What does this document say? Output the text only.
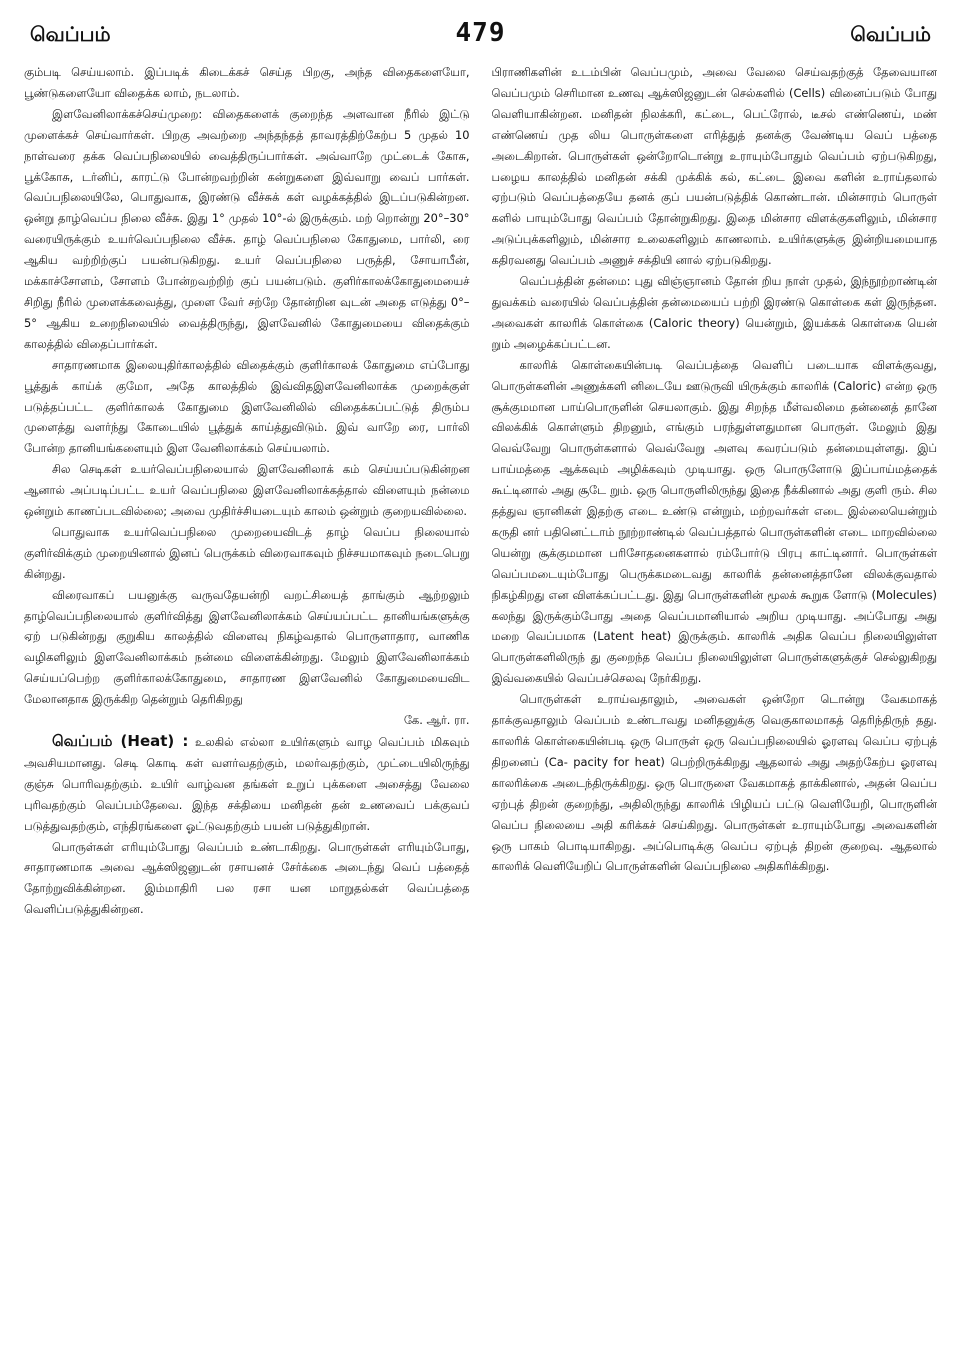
வெப்பம்	479	வெப்பம்

கும்படி செய்யலாம். இப்படிக் கிடைக்கச் செய்த பிறகு, அந்த விதைகளையோ, பூண்டுகளையோ விதைக்க லாம், நடலாம்.

இளவேனிலாக்கச்செய்முறை: விதைகளைக் குறைந்த அளவான நீரில் இட்டு முளைக்கச் செய்வார்கள். பிறகு அவற்றை அந்தந்தத் தாவரத்திற்கேற்ப 5 முதல் 10 நாள்வரை தக்க வெப்பநிலையில் வைத்திருப்பார்கள். அவ்வாறே முட்டைக் கோசு, பூக்கோசு, டர்னிப், காரட்டு போன்றவற்றின் கன்றுகளை இவ்வாறு வைப் பார்கள். வெப்பநிலையிலே, பொதுவாக, இரண்டு வீச்சுக் கள் வழக்கத்தில் இடப்படுகின்றன. ஒன்று தாழ்வெப்ப நிலை வீச்சு. இது 1° முதல் 10°-ல் இருக்கும். மற் றொன்று 20°–30° வரையிருக்கும் உயர்வெப்பநிலை வீச்சு. தாழ் வெப்பநிலை கோதுமை, பார்லி, ரை ஆகிய வற்றிற்குப் பயன்படுகிறது. உயர் வெப்பநிலை பருத்தி, சோயாபீன், மக்காச்சோளம், சோளம் போன்றவற்றிற் குப் பயன்படும். குளிர்காலக்கோதுமையைச் சிறிது நீரில் முளைக்கவைத்து, முளை வேர் சற்றே தோன்றின வுடன் அதை எடுத்து 0°–5° ஆகிய உறைநிலையில் வைத்திருந்து, இளவேனில் கோதுமையை விதைக்கும் காலத்தில் விதைப்பார்கள்.

சாதாரணமாக இலையுதிர்காலத்தில் விதைக்கும் குளிர்காலக் கோதுமை எப்போது பூத்துக் காய்க் குமோ, அதே காலத்தில் இவ்விதஇளவேனிலாக்க முறைக்குள் படுத்தப்பட்ட குளிர்காலக் கோதுமை இளவேனிலில் விதைக்கப்பட்டுத் திரும்ப முளைத்து வளர்ந்து கோடையில் பூத்துக் காய்த்துவிடும். இவ் வாறே ரை, பார்லி போன்ற தானியங்களையும் இள வேனிலாக்கம் செய்யலாம்.

சில செடிகள் உயர்வெப்பநிலையால் இளவேனிலாக் கம் செய்யப்படுகின்றன ஆனால் அப்படிப்பட்ட உயர் வெப்பநிலை இளவேனிலாக்கத்தால் விளையும் நன்மை ஒன்றும் காணப்படவில்லை; அவை முதிர்ச்சியடையும் காலம் ஒன்றும் குறையவில்லை.

பொதுவாக உயர்வெப்பநிலை முறையைவிடத் தாழ் வெப்ப நிலையால் குளிர்விக்கும் முறையினால் இனப் பெருக்கம் விரைவாகவும் நிச்சயமாகவும் நடைபெறு கின்றது.

விரைவாகப் பயனுக்கு வருவதேயன்றி வறட்சியைத் தாங்கும் ஆற்றலும் தாழ்வெப்பநிலையால் குளிர்வித்து இளவேனிலாக்கம் செய்யப்பட்ட தானியங்களுக்கு ஏற் படுகின்றது குறுகிய காலத்தில் விளைவு நிகழ்வதால் பொருளாதார, வாணிக வழிகளிலும் இளவேனிலாக்கம் நன்மை விளைக்கின்றது. மேலும் இளவேனிலாக்கம் செய்யப்பெற்ற குளிர்காலக்கோதுமை, சாதாரண இளவேனில் கோதுமையைவிட மேலானதாக இருக்கிற தென்றும் தெரிகிறது

கே. ஆர். ரா.

வெப்பம் (Heat) : உலகில் எல்லா உயிர்களும் வாழ வெப்பம் மிகவும் அவசியமானது. செடி கொடி கள் வளர்வதற்கும், மலர்வதற்கும், முட்டையிலிருந்து குஞ்சு பொரிவதற்கும். உயிர் வாழ்வன தங்கள் உறுப் புக்களை அசைத்து வேலை புரிவதற்கும் வெப்பம்தேவை. இந்த சக்தியை மனிதன் தன் உணவைப் பக்குவப் படுத்துவதற்கும், எந்திரங்களை ஓட்டுவதற்கும் பயன் படுத்துகிறான்.

பொருள்கள் எரியும்போது வெப்பம் உண்டாகிறது. பொருள்கள் எரியும்போது, சாதாரணமாக அவை ஆக்ஸிஜனுடன் ரசாயனச் சேர்க்கை அடைந்து வெப் பத்தைத் தோற்றுவிக்கின்றன. இம்மாதிரி பல ரசா யன மாறுதல்கள் வெப்பத்தை வெளிப்படுத்துகின்றன.

பிராணிகளின் உடம்பின் வெப்பமும், அவை வேலை செய்வதற்குத் தேவையான வெப்பமும் செரிமான உணவு ஆக்ஸிஜனுடன் செல்களில் (Cells) வினைப்படும் போது வெளியாகின்றன. மனிதன் நிலக்கரி, கட்டை, பெட்ரோல், டீசல் எண்ணெய், மண் எண்ணெய் முத லிய பொருள்களை எரித்துத் தனக்கு வேண்டிய வெப் பத்தை அடைகிறான். பொருள்கள் ஒன்றோடொன்று உராயும்போதும் வெப்பம் ஏற்படுகிறது, பழைய காலத்தில் மனிதன் சக்கி முக்கிக் கல், கட்டை இவை களின் உராய்தலால் ஏற்படும் வெப்பத்தையே தனக் குப் பயன்படுத்திக் கொண்டான். மின்சாரம் பொருள் களில் பாயும்போது வெப்பம் தோன்றுகிறது. இதை மின்சார விளக்குகளிலும், மின்சார அடுப்புக்களிலும், மின்சார உலைகளிலும் காணலாம். உயிர்களுக்கு இன்றியமையாத கதிரவனது வெப்பம் அணுச் சக்தியி னால் ஏற்படுகிறது.

வெப்பத்தின் தன்மை: புது விஞ்ஞானம் தோன் றிய நாள் முதல், இந்நூற்றாண்டின் துவக்கம் வரையில் வெப்பத்தின் தன்மையைப் பற்றி இரண்டு கொள்கை கள் இருந்தன. அவைகள் காலரிக் கொள்கை (Caloric theory) யென்றும், இயக்கக் கொள்கை யென் றும் அழைக்கப்பட்டன.

காலரிக் கொள்கையின்படி வெப்பத்தை வெளிப் படையாக விளக்குவது, பொருள்களின் அணுக்களி னிடையே ஊடுருவி யிருக்கும் காலரிக் (Caloric) என்ற ஒரு சூக்குமமான பாய்பொருளின் செயலாகும். இது சிறந்த மீள்வலிமை தன்னைத் தானே விலக்கிக் கொள்ளும் திறனும், எங்கும் பரந்துள்ளதுமான பொருள். மேலும் இது வெவ்வேறு பொருள்களால் வெவ்வேறு அளவு கவரப்படும் தன்மையுள்ளது. இப் பாய்மத்தை ஆக்கவும் அழிக்கவும் முடியாது. ஒரு பொருளோடு இப்பாய்மத்தைக் கூட்டினால் அது சூடே றும். ஒரு பொருளிலிருந்து இதை நீக்கினால் அது குளி ரும். சில தத்துவ ஞானிகள் இதற்கு எடை உண்டு என்றும், மற்றவர்கள் எடை இல்லையென்றும் கருதி னர் பதினெட்டாம் நூற்றாண்டில் வெப்பத்தால் பொருள்களின் எடை மாறவில்லை யென்று சூக்குமமான பரிசோதனைகளால் ரம்போர்டு பிரபு காட்டினார். பொருள்கள் வெப்பமடையும்போது பெருக்கமடைவது காலரிக் தன்னைத்தானே விலக்குவதால் நிகழ்கிறது என விளக்கப்பட்டது. இது பொருள்களின் மூலக் கூறுக ளோடு (Molecules) கலந்து இருக்கும்போது அதை வெப்பமானியால் அறிய முடியாது. அப்போது அது மறை வெப்பமாக (Latent heat) இருக்கும். காலரிக் அதிக வெப்ப நிலையிலுள்ள பொருள்களிலிருந் து குறைந்த வெப்ப நிலையிலுள்ள பொருள்களுக்குச் செல்லுகிறது இவ்வகையில் வெப்பச்செலவு நேர்கிறது.

பொருள்கள் உராய்வதாலும், அவைகள் ஒன்றோ டொன்று வேகமாகத் தாக்குவதாலும் வெப்பம் உண்டாவது மனிதனுக்கு வெகுகாலமாகத் தெரிந்திருந் தது. காலரிக் கொள்கையின்படி ஒரு பொருள் ஒரு வெப்பநிலையில் ஓரளவு வெப்ப ஏற்புத் திறனைப் (Ca- pacity for heat) பெற்றிருக்கிறது ஆதலால் அது அதற்கேற்ப ஓரளவு காலரிக்கை அடைந்திருக்கிறது. ஒரு பொருளை வேகமாகத் தாக்கினால், அதன் வெப்ப ஏற்புத் திறன் குறைந்து, அதிலிருந்து காலரிக் பிழியப் பட்டு வெளியேறி, பொருளின் வெப்ப நிலையை அதி கரிக்கச் செய்கிறது. பொருள்கள் உராயும்போது அவைகளின் ஒரு பாகம் பொடியாகிறது. அப்பொடிக்கு வெப்ப ஏற்புத் திறன் குறைவு. ஆதலால் காலரிக் வெளியேறிப் பொருள்களின் வெப்பநிலை அதிகரிக்கிறது.
